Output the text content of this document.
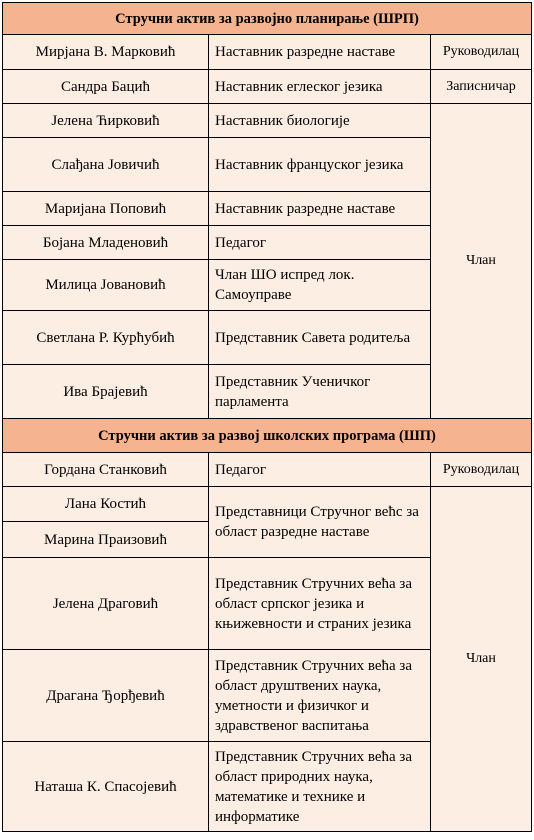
Стручни актив за развојно планирање (ШРП)		
Мирјана В. Марковић	Наставник разредне наставе	Руководилац
Сандра Бацић	Наставник еглеског језика	Записничар
Јелена Ћирковић	Наставник биологије	Члан
Слађана Јовичић	Наставник француског језика	
Маријана Поповић	Наставник разредне наставе	
Бојана Младеновић	Педагог	
Милица Јовановић	Члан ШО испред лок. Самоуправе	
Светлана Р. Курћубић	Представник Савета родитеља	
Ива Брајевић	Представник Ученичког парламента	
Стручни актив за развој школских програма (ШП)		
Гордана Станковић	Педагог	Руководилац
Лана Костић	Представници Стручног већс за област разредне наставе	Члан
Марина Праизовић		
Јелена Драговић	Представник Стручних већа за област српског језика и књижевности и страних језика	
Драгана Ђорђевић	Представник Стручних већа за област друштвених наука, уметности и физичког и здравственог васпитања	
Наташа К. Спасојевић	Представник Стручних већа за област природних наука, математике и технике и информатике	
